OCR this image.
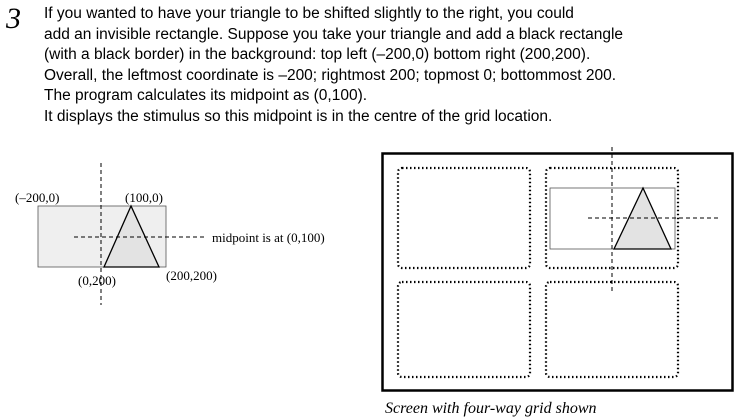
3 If you wanted to have your triangle to be shifted slightly to the right, you could
add an invisible rectangle. Suppose you take your triangle and add a black rectangle
(with a black border) in the background: top left (–200,0) bottom right (200,200).
Overall, the leftmost coordinate is –200; rightmost 200; topmost 0; bottommost 200.
The program calculates its midpoint as (0,100).
It displays the stimulus so this midpoint is in the centre of the grid location.
(–200,0)	(100,0)
(0,200)	(200,200)
midpoint is at (0,100)
Screen with four-way grid shown
